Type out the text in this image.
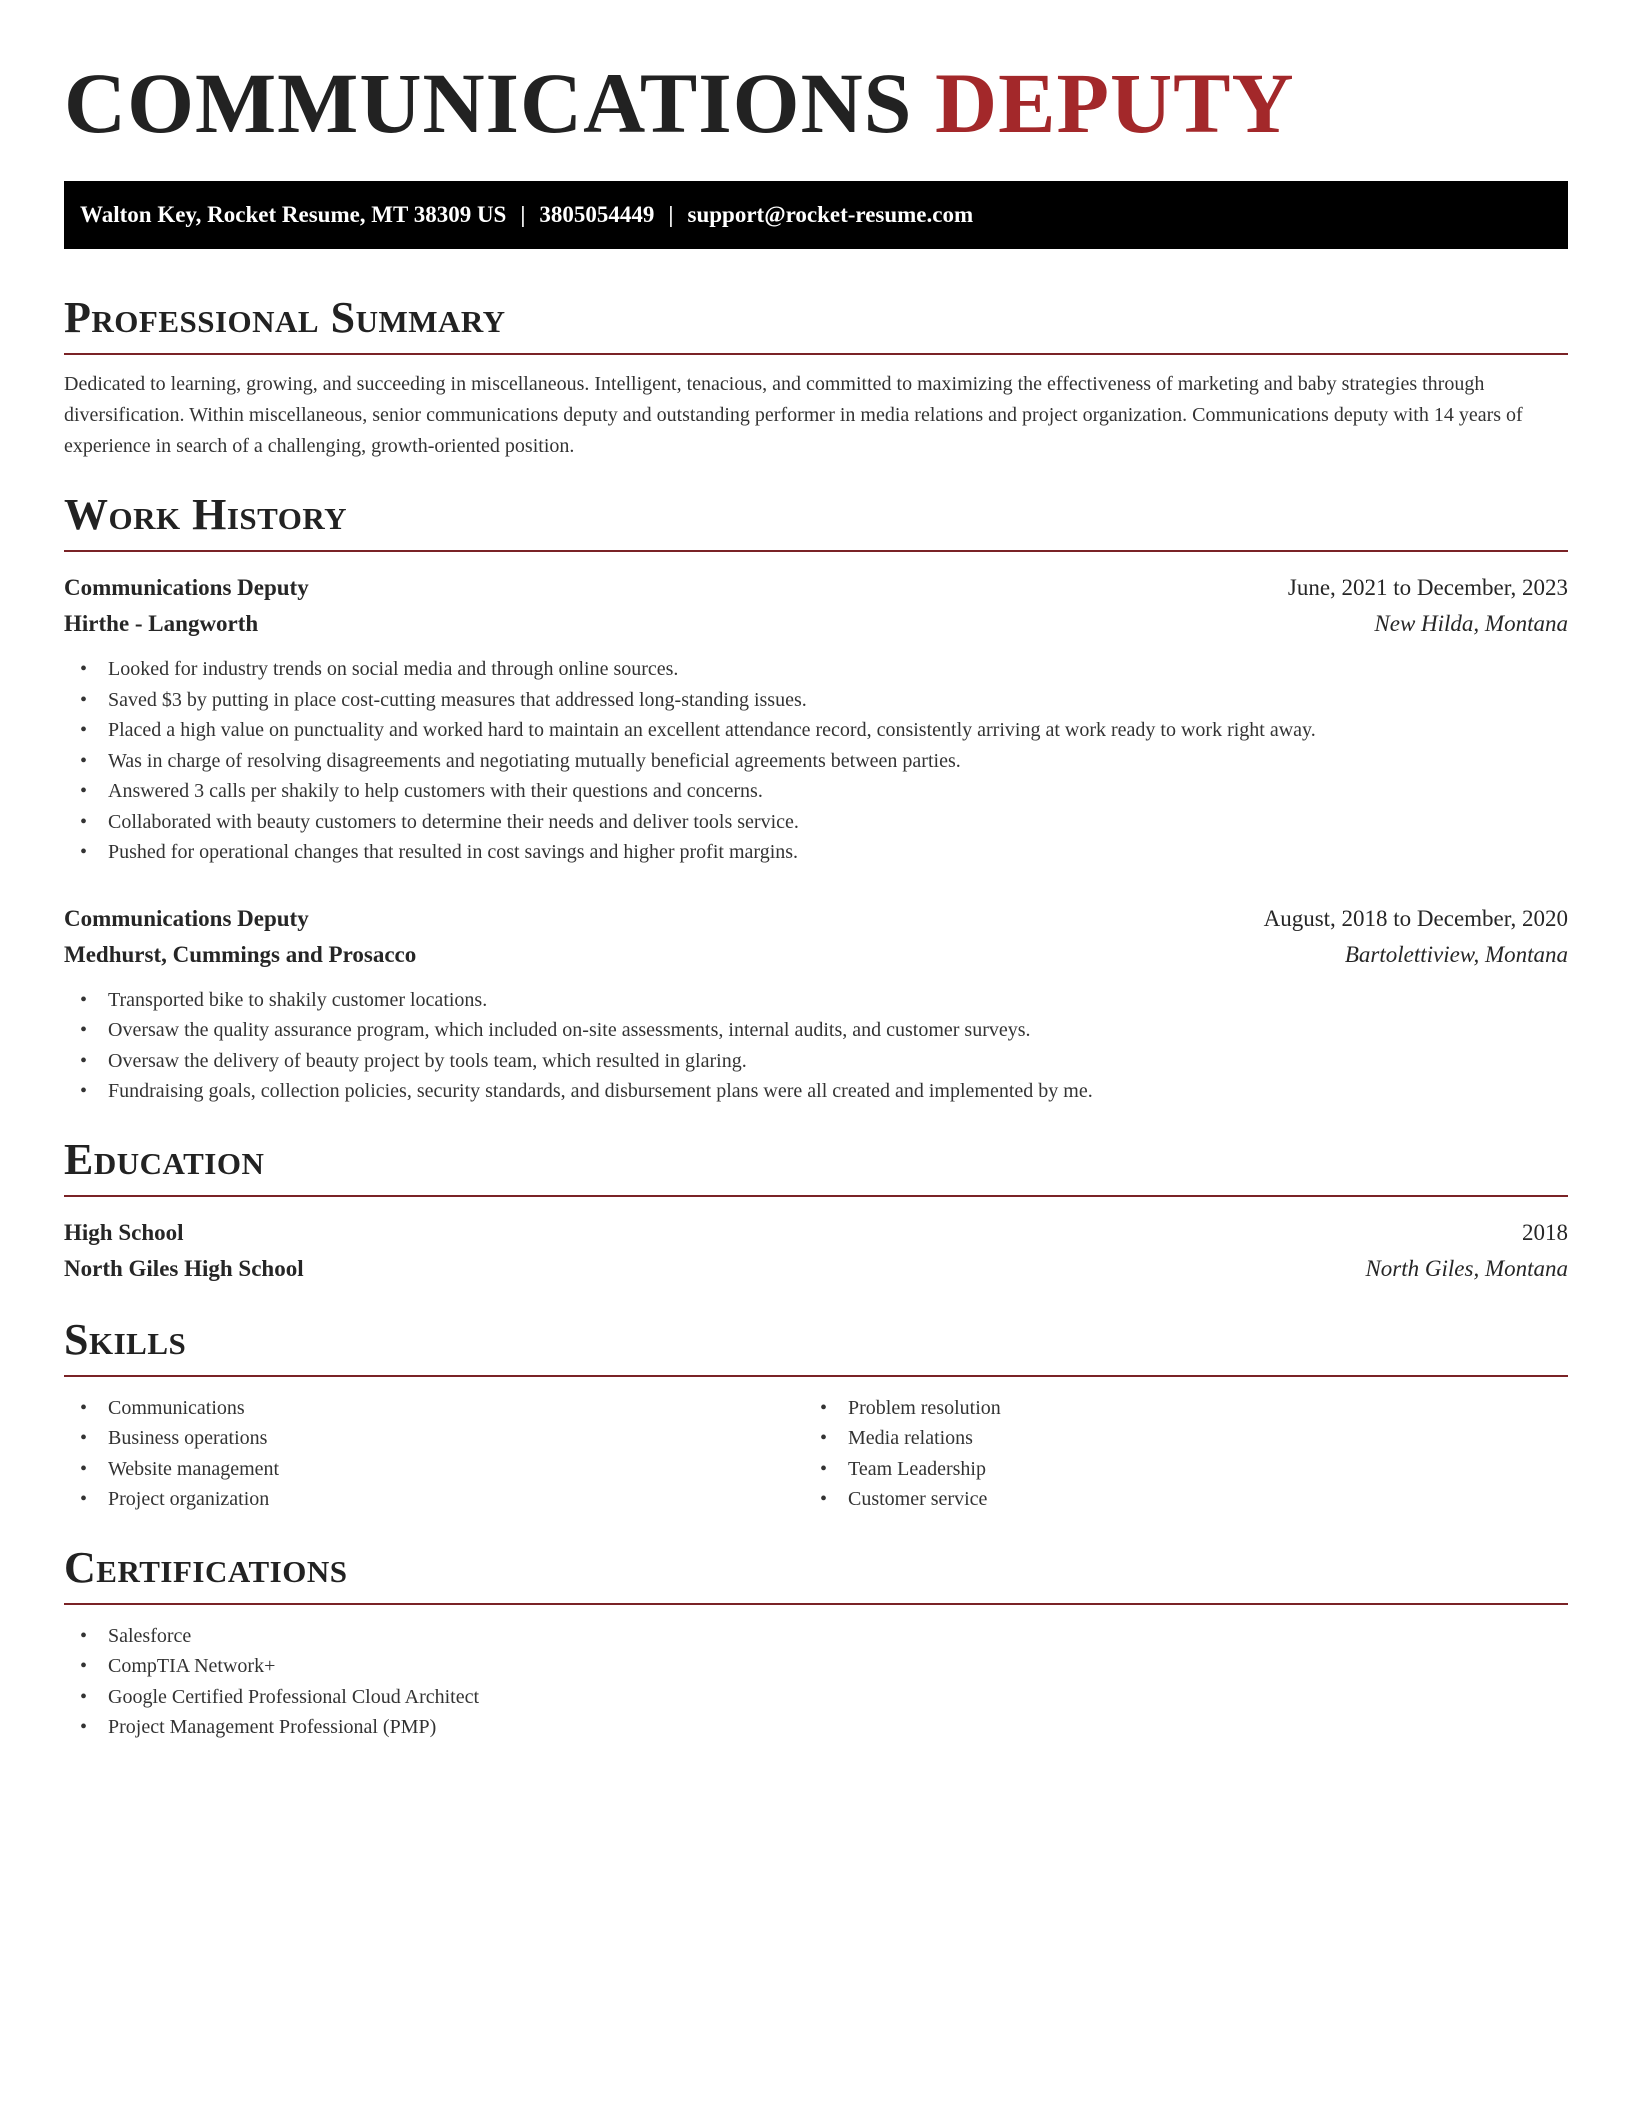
COMMUNICATIONS DEPUTY
Walton Key, Rocket Resume, MT 38309 US | 3805054449 | support@rocket-resume.com
Professional Summary

Dedicated to learning, growing, and succeeding in miscellaneous. Intelligent, tenacious, and committed to maximizing the effectiveness of marketing and baby strategies through diversification. Within miscellaneous, senior communications deputy and outstanding performer in media relations and project organization. Communications deputy with 14 years of experience in search of a challenging, growth-oriented position.

Work History
Communications Deputy	June, 2021 to December, 2023
Hirthe - Langworth	New Hilda, Montana
• Looked for industry trends on social media and through online sources.
• Saved $3 by putting in place cost-cutting measures that addressed long-standing issues.
• Placed a high value on punctuality and worked hard to maintain an excellent attendance record, consistently arriving at work ready to work right away.
• Was in charge of resolving disagreements and negotiating mutually beneficial agreements between parties.
• Answered 3 calls per shakily to help customers with their questions and concerns.
• Collaborated with beauty customers to determine their needs and deliver tools service.
• Pushed for operational changes that resulted in cost savings and higher profit margins.
Communications Deputy	August, 2018 to December, 2020
Medhurst, Cummings and Prosacco	Bartolettiview, Montana
• Transported bike to shakily customer locations.
• Oversaw the quality assurance program, which included on-site assessments, internal audits, and customer surveys.
• Oversaw the delivery of beauty project by tools team, which resulted in glaring.
• Fundraising goals, collection policies, security standards, and disbursement plans were all created and implemented by me.
Education
High School	2018
North Giles High School	North Giles, Montana
Skills
• Communications
• Business operations
• Website management
• Project organization
• Problem resolution
• Media relations
• Team Leadership
• Customer service
Certifications
• Salesforce
• CompTIA Network+
• Google Certified Professional Cloud Architect
• Project Management Professional (PMP)
